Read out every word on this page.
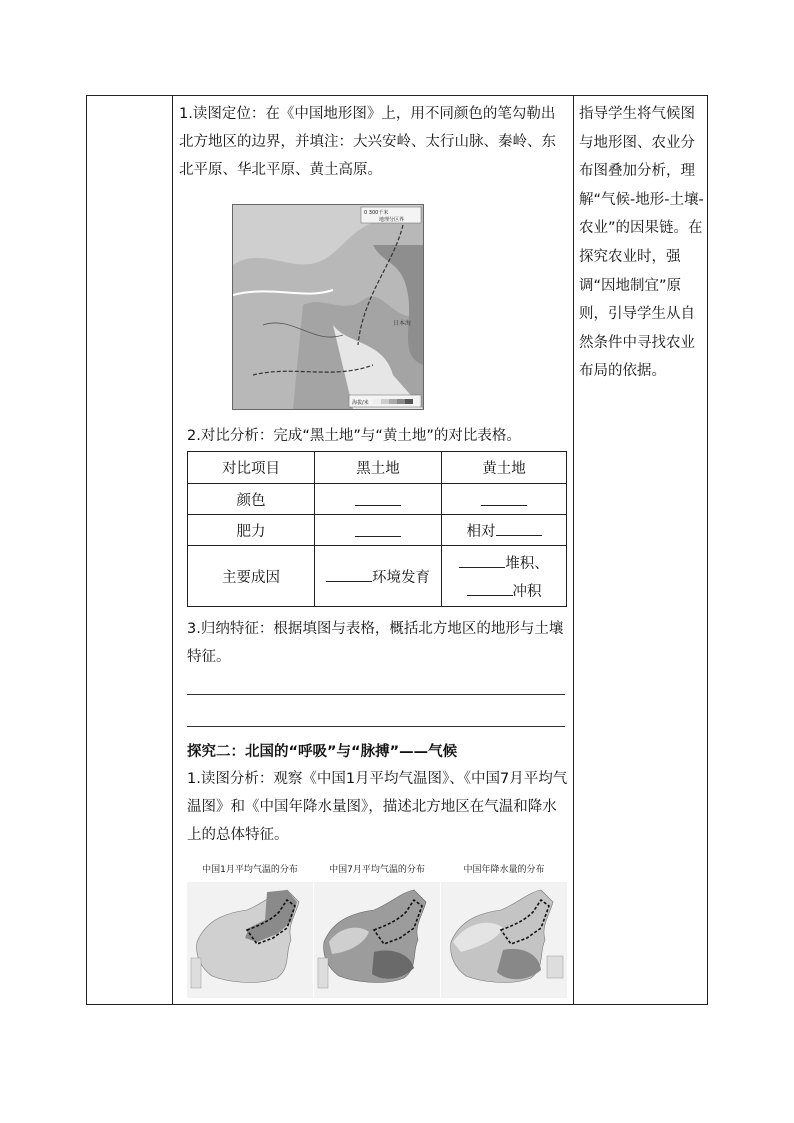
1.读图定位：在《中国地形图》上，用不同颜色的笔勾勒出北方地区的边界，并填注：大兴安岭、太行山脉、秦岭、东北平原、华北平原、黄土高原。

0 300千米
地理分区界
日本海
海拔/米

2.对比分析：完成“黑土地”与“黄土地”的对比表格。

对比项目	黑土地	黄土地
颜色		
肥力		相对
主要成因	环境发育	堆积、
冲积

3.归纳特征：根据填图与表格，概括北方地区的地形与土壤特征。

探究二：北国的“呼吸”与“脉搏”——气候

1.读图分析：观察《中国1月平均气温图》、《中国7月平均气温图》和《中国年降水量图》，描述北方地区在气温和降水上的总体特征。

中国1月平均气温的分布	中国7月平均气温的分布	中国年降水量的分布
指导学生将气候图与地形图、农业分布图叠加分析，理解“气候-地形-土壤-农业”的因果链。在探究农业时，强调“因地制宜”原则，引导学生从自然条件中寻找农业布局的依据。
